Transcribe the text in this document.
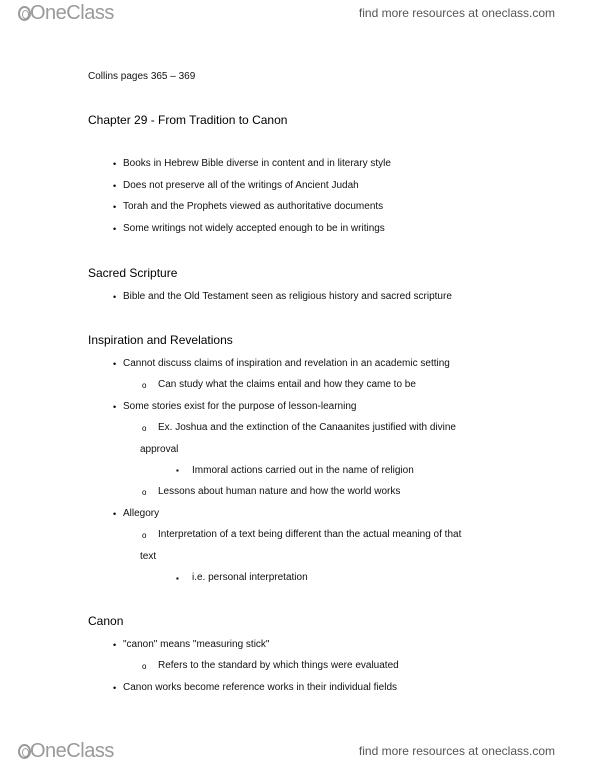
OneClass	find more resources at oneclass.com
Collins pages 365 – 369
Chapter 29 - From Tradition to Canon
• Books in Hebrew Bible diverse in content and in literary style
• Does not preserve all of the writings of Ancient Judah
• Torah and the Prophets viewed as authoritative documents
• Some writings not widely accepted enough to be in writings
Sacred Scripture
• Bible and the Old Testament seen as religious history and sacred scripture
Inspiration and Revelations
• Cannot discuss claims of inspiration and revelation in an academic setting
o Can study what the claims entail and how they came to be
• Some stories exist for the purpose of lesson-learning
o Ex. Joshua and the extinction of the Canaanites justified with divine
approval
▪ Immoral actions carried out in the name of religion
o Lessons about human nature and how the world works
• Allegory
o Interpretation of a text being different than the actual meaning of that
text
▪ i.e. personal interpretation
Canon
• "canon" means "measuring stick"
o Refers to the standard by which things were evaluated
• Canon works become reference works in their individual fields
OneClass	find more resources at oneclass.com
